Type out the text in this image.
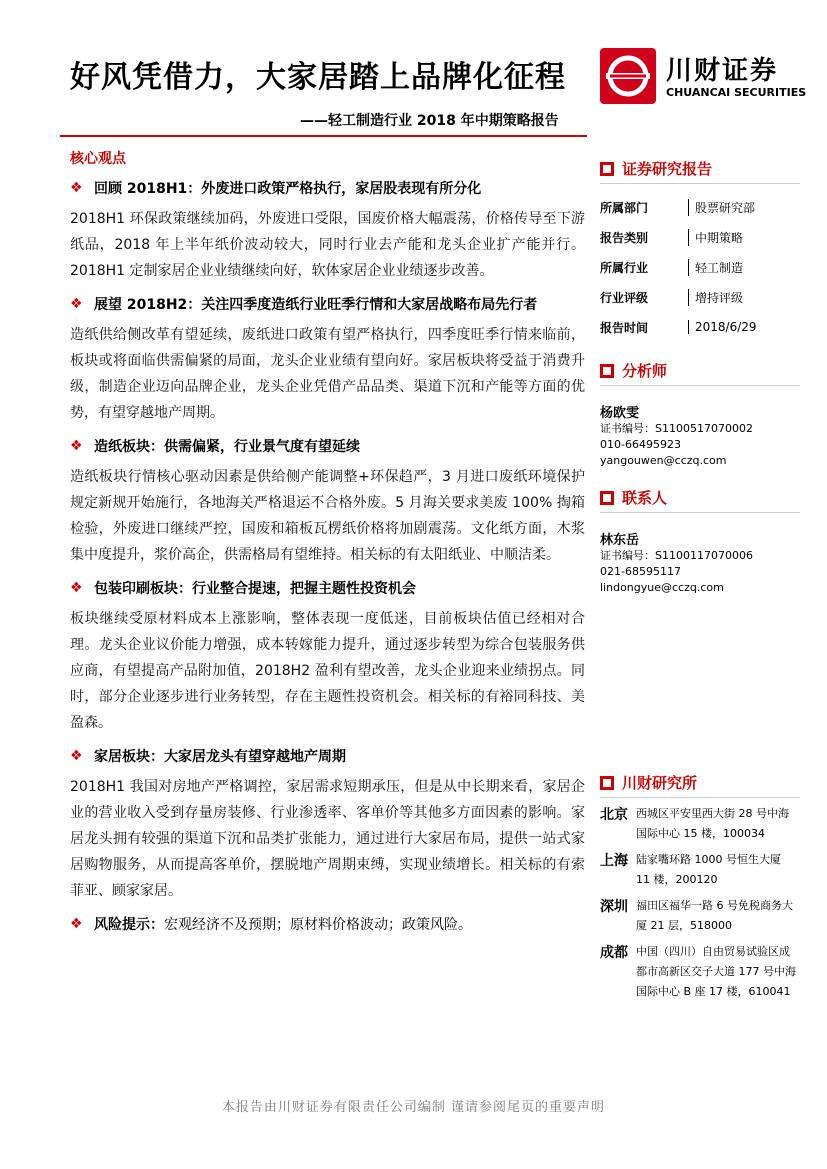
好风凭借力，大家居踏上品牌化征程
——轻工制造行业 2018 年中期策略报告
川财证券
CHUANCAI SECURITIES
核心观点
❖ 回顾 2018H1：外废进口政策严格执行，家居股表现有所分化
2018H1 环保政策继续加码，外废进口受限，国废价格大幅震荡，价格传导至下游纸品，2018 年上半年纸价波动较大，同时行业去产能和龙头企业扩产能并行。2018H1 定制家居企业业绩继续向好，软体家居企业业绩逐步改善。
❖ 展望 2018H2：关注四季度造纸行业旺季行情和大家居战略布局先行者
造纸供给侧改革有望延续，废纸进口政策有望严格执行，四季度旺季行情来临前，板块或将面临供需偏紧的局面，龙头企业业绩有望向好。家居板块将受益于消费升级，制造企业迈向品牌企业，龙头企业凭借产品品类、渠道下沉和产能等方面的优势，有望穿越地产周期。
❖ 造纸板块：供需偏紧，行业景气度有望延续
造纸板块行情核心驱动因素是供给侧产能调整+环保趋严，3 月进口废纸环境保护规定新规开始施行，各地海关严格退运不合格外废。5 月海关要求美废 100% 掏箱检验，外废进口继续严控，国废和箱板瓦楞纸价格将加剧震荡。文化纸方面，木浆集中度提升，浆价高企，供需格局有望维持。相关标的有太阳纸业、中顺洁柔。
❖ 包装印刷板块：行业整合提速，把握主题性投资机会
板块继续受原材料成本上涨影响，整体表现一度低迷，目前板块估值已经相对合理。龙头企业议价能力增强，成本转嫁能力提升，通过逐步转型为综合包装服务供应商，有望提高产品附加值，2018H2 盈利有望改善，龙头企业迎来业绩拐点。同时，部分企业逐步进行业务转型，存在主题性投资机会。相关标的有裕同科技、美盈森。
❖ 家居板块：大家居龙头有望穿越地产周期
2018H1 我国对房地产严格调控，家居需求短期承压，但是从中长期来看，家居企业的营业收入受到存量房装修、行业渗透率、客单价等其他多方面因素的影响。家居龙头拥有较强的渠道下沉和品类扩张能力，通过进行大家居布局，提供一站式家居购物服务，从而提高客单价，摆脱地产周期束缚，实现业绩增长。相关标的有索菲亚、顾家家居。
❖ 风险提示： 宏观经济不及预期；原材料价格波动；政策风险。
证券研究报告
所属部门	股票研究部
报告类别	中期策略
所属行业	轻工制造
行业评级	增持评级
报告时间	2018/6/29
分析师
杨欧雯
证书编号：S1100517070002
010-66495923
yangouwen@cczq.com
联系人
林东岳
证书编号：S1100117070006
021-68595117
lindongyue@cczq.com
川财研究所
北京 西城区平安里西大街 28 号中海国际中心 15 楼，100034
上海 陆家嘴环路 1000 号恒生大厦 11 楼，200120
深圳 福田区福华一路 6 号免税商务大厦 21 层，518000
成都 中国（四川）自由贸易试验区成都市高新区交子大道 177 号中海国际中心 B 座 17 楼，610041
本报告由川财证券有限责任公司编制 谨请参阅尾页的重要声明
